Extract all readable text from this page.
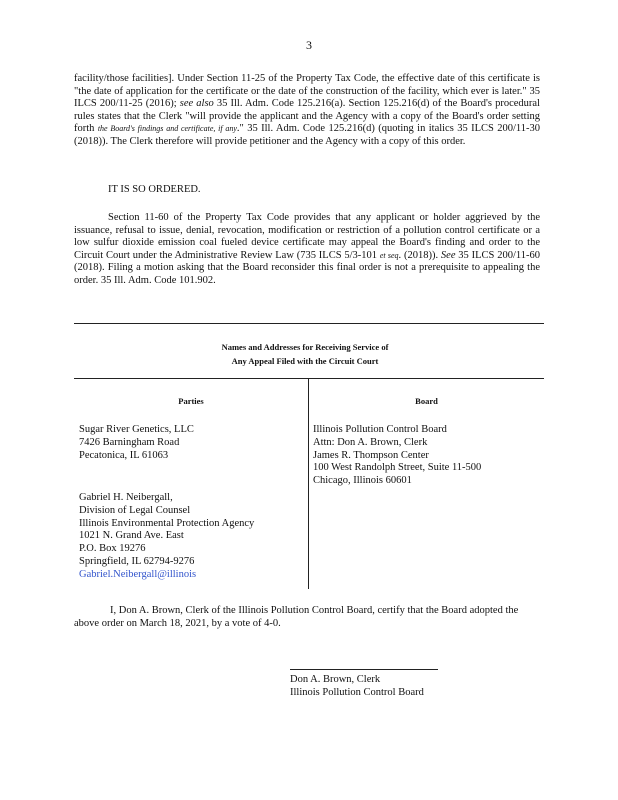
3
facility/those facilities]. Under Section 11-25 of the Property Tax Code, the effective date of this certificate is "the date of application for the certificate or the date of the construction of the facility, which ever is later." 35 ILCS 200/11-25 (2016); see also 35 Ill. Adm. Code 125.216(a). Section 125.216(d) of the Board's procedural rules states that the Clerk "will provide the applicant and the Agency with a copy of the Board's order setting forth the Board's findings and certificate, if any." 35 Ill. Adm. Code 125.216(d) (quoting in italics 35 ILCS 200/11-30 (2018)). The Clerk therefore will provide petitioner and the Agency with a copy of this order.
IT IS SO ORDERED.
Section 11-60 of the Property Tax Code provides that any applicant or holder aggrieved by the issuance, refusal to issue, denial, revocation, modification or restriction of a pollution control certificate or a low sulfur dioxide emission coal fueled device certificate may appeal the Board's finding and order to the Circuit Court under the Administrative Review Law (735 ILCS 5/3-101 et seq. (2018)). See 35 ILCS 200/11-60 (2018). Filing a motion asking that the Board reconsider this final order is not a prerequisite to appealing the order. 35 Ill. Adm. Code 101.902.
Names and Addresses for Receiving Service of
Any Appeal Filed with the Circuit Court
Parties	Board
Sugar River Genetics, LLC
7426 Barningham Road
Pecatonica, IL 61063
Gabriel H. Neibergall,
Division of Legal Counsel
Illinois Environmental Protection Agency
1021 N. Grand Ave. East
P.O. Box 19276
Springfield, IL 62794-9276
Gabriel.Neibergall@illinois
Illinois Pollution Control Board
Attn: Don A. Brown, Clerk
James R. Thompson Center
100 West Randolph Street, Suite 11-500
Chicago, Illinois 60601
I, Don A. Brown, Clerk of the Illinois Pollution Control Board, certify that the Board adopted the above order on March 18, 2021, by a vote of 4-0.
Don A. Brown, Clerk
Illinois Pollution Control Board
